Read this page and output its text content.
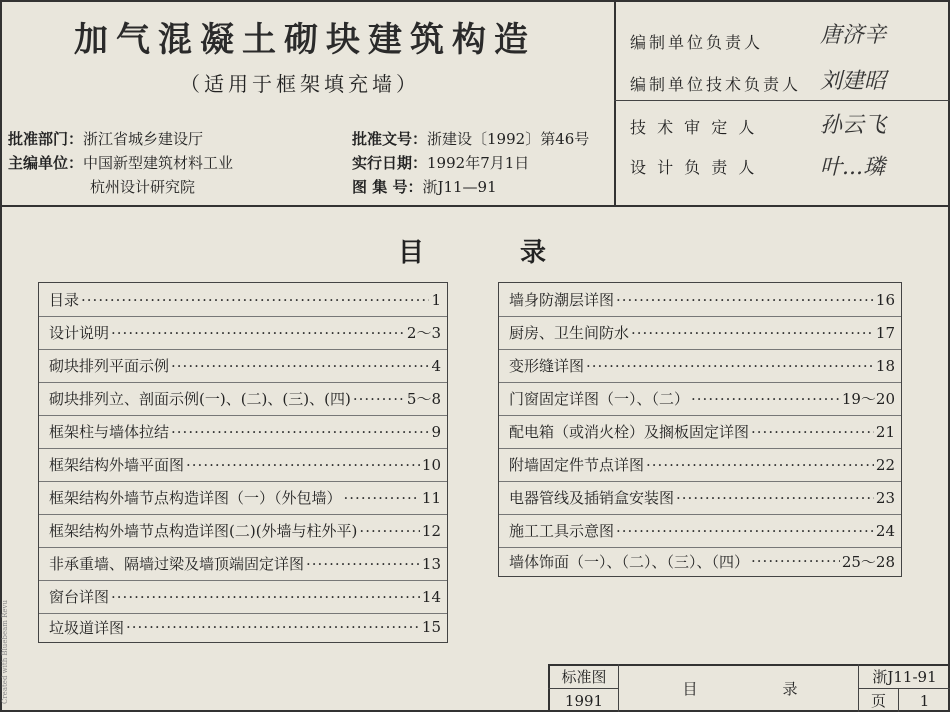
加气混凝土砌块建筑构造
（适用于框架填充墙）
批准部门：浙江省城乡建设厅
主编单位：中国新型建筑材料工业
杭州设计研究院
批准文号：浙建设〔1992〕第46号
实行日期：1992年7月1日
图 集 号：浙J11—91
编制单位负责人	唐济辛
编制单位技术负责人 刘建昭
技 术 审 定 人	孙云飞
设 计 负 责 人	叶...璘
目	录
目录 ·····	1
设计说明 ·····	2～3
砌块排列平面示例 ·····	4
砌块排列立、剖面示例(一)、(二)、(三)、(四) ·····	5～8
框架柱与墙体拉结 ·····	9
框架结构外墙平面图 ·····	10
框架结构外墙节点构造详图（一）（外包墙） ·····	11
框架结构外墙节点构造详图(二)(外墙与柱外平) ·····	12
非承重墙、隔墙过梁及墙顶端固定详图 ·····	13
窗台详图 ·····	14
垃圾道详图 ·····	15
墙身防潮层详图 ·····	16
厨房、卫生间防水 ·····	17
变形缝详图 ·····	18
门窗固定详图（一）、（二） ·····	19～20
配电箱（或消火栓）及搁板固定详图 ·····	21
附墙固定件节点详图 ·····	22
电器管线及插销盒安装图 ·····	23
施工工具示意图 ·····	24
墙体饰面（一）、（二）、（三）、（四） ·····	25～28
标准图
1991
目	录
浙J11-91
页	1
Created with Bluebeam Revu
